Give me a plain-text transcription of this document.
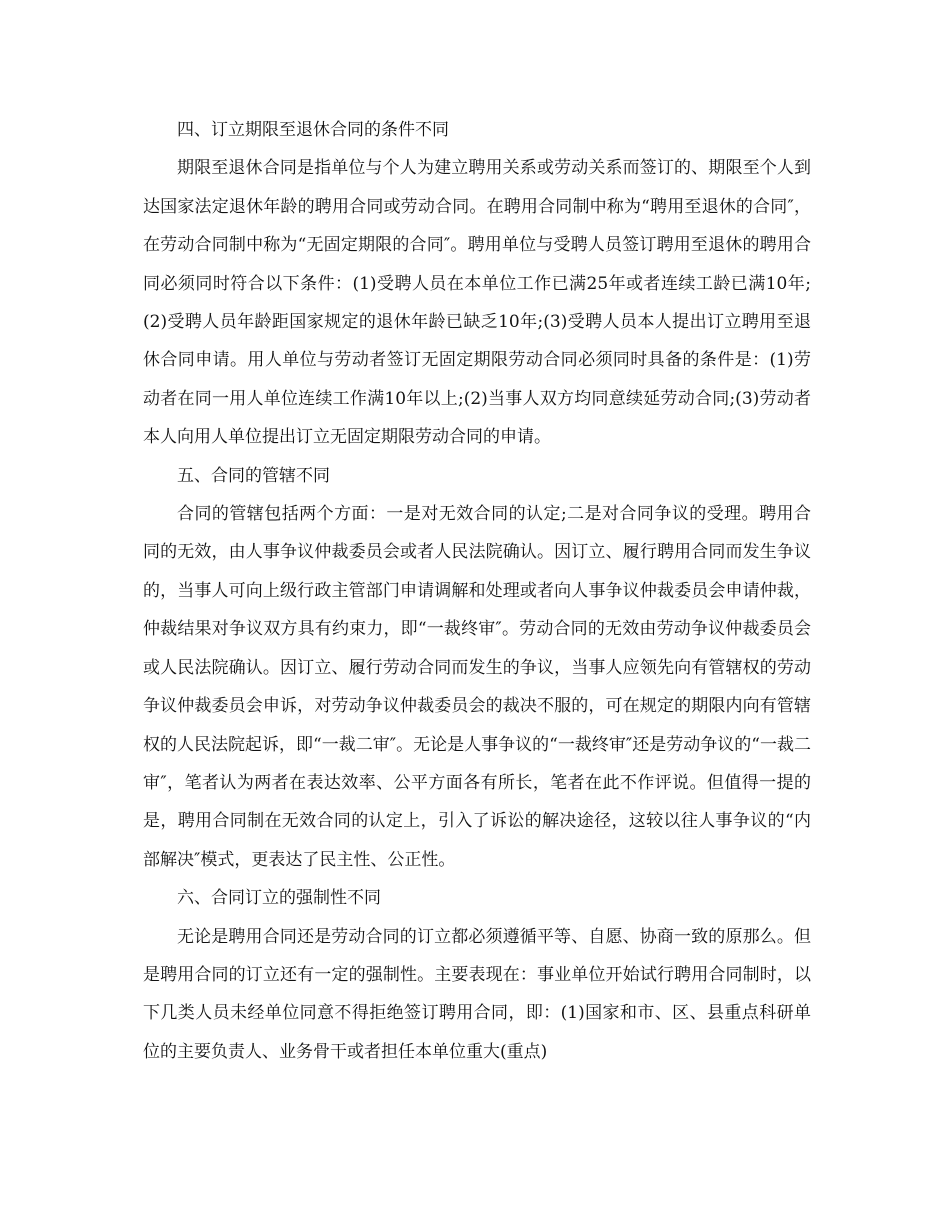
四、订立期限至退休合同的条件不同

期限至退休合同是指单位与个人为建立聘用关系或劳动关系而签订的、期限至个人到达国家法定退休年龄的聘用合同或劳动合同。在聘用合同制中称为“聘用至退休的合同″，在劳动合同制中称为“无固定期限的合同″。聘用单位与受聘人员签订聘用至退休的聘用合同必须同时符合以下条件：(1)受聘人员在本单位工作已满25年或者连续工龄已满10年;(2)受聘人员年龄距国家规定的退休年龄已缺乏10年;(3)受聘人员本人提出订立聘用至退休合同申请。用人单位与劳动者签订无固定期限劳动合同必须同时具备的条件是：(1)劳动者在同一用人单位连续工作满10年以上;(2)当事人双方均同意续延劳动合同;(3)劳动者本人向用人单位提出订立无固定期限劳动合同的申请。

五、合同的管辖不同

合同的管辖包括两个方面：一是对无效合同的认定;二是对合同争议的受理。聘用合同的无效，由人事争议仲裁委员会或者人民法院确认。因订立、履行聘用合同而发生争议的，当事人可向上级行政主管部门申请调解和处理或者向人事争议仲裁委员会申请仲裁，仲裁结果对争议双方具有约束力，即“一裁终审″。劳动合同的无效由劳动争议仲裁委员会或人民法院确认。因订立、履行劳动合同而发生的争议，当事人应领先向有管辖权的劳动争议仲裁委员会申诉，对劳动争议仲裁委员会的裁决不服的，可在规定的期限内向有管辖权的人民法院起诉，即“一裁二审″。无论是人事争议的“一裁终审″还是劳动争议的“一裁二审″，笔者认为两者在表达效率、公平方面各有所长，笔者在此不作评说。但值得一提的是，聘用合同制在无效合同的认定上，引入了诉讼的解决途径，这较以往人事争议的“内部解决″模式，更表达了民主性、公正性。

六、合同订立的强制性不同

无论是聘用合同还是劳动合同的订立都必须遵循平等、自愿、协商一致的原那么。但是聘用合同的订立还有一定的强制性。主要表现在：事业单位开始试行聘用合同制时，以下几类人员未经单位同意不得拒绝签订聘用合同，即：(1)国家和市、区、县重点科研单位的主要负责人、业务骨干或者担任本单位重大(重点)
